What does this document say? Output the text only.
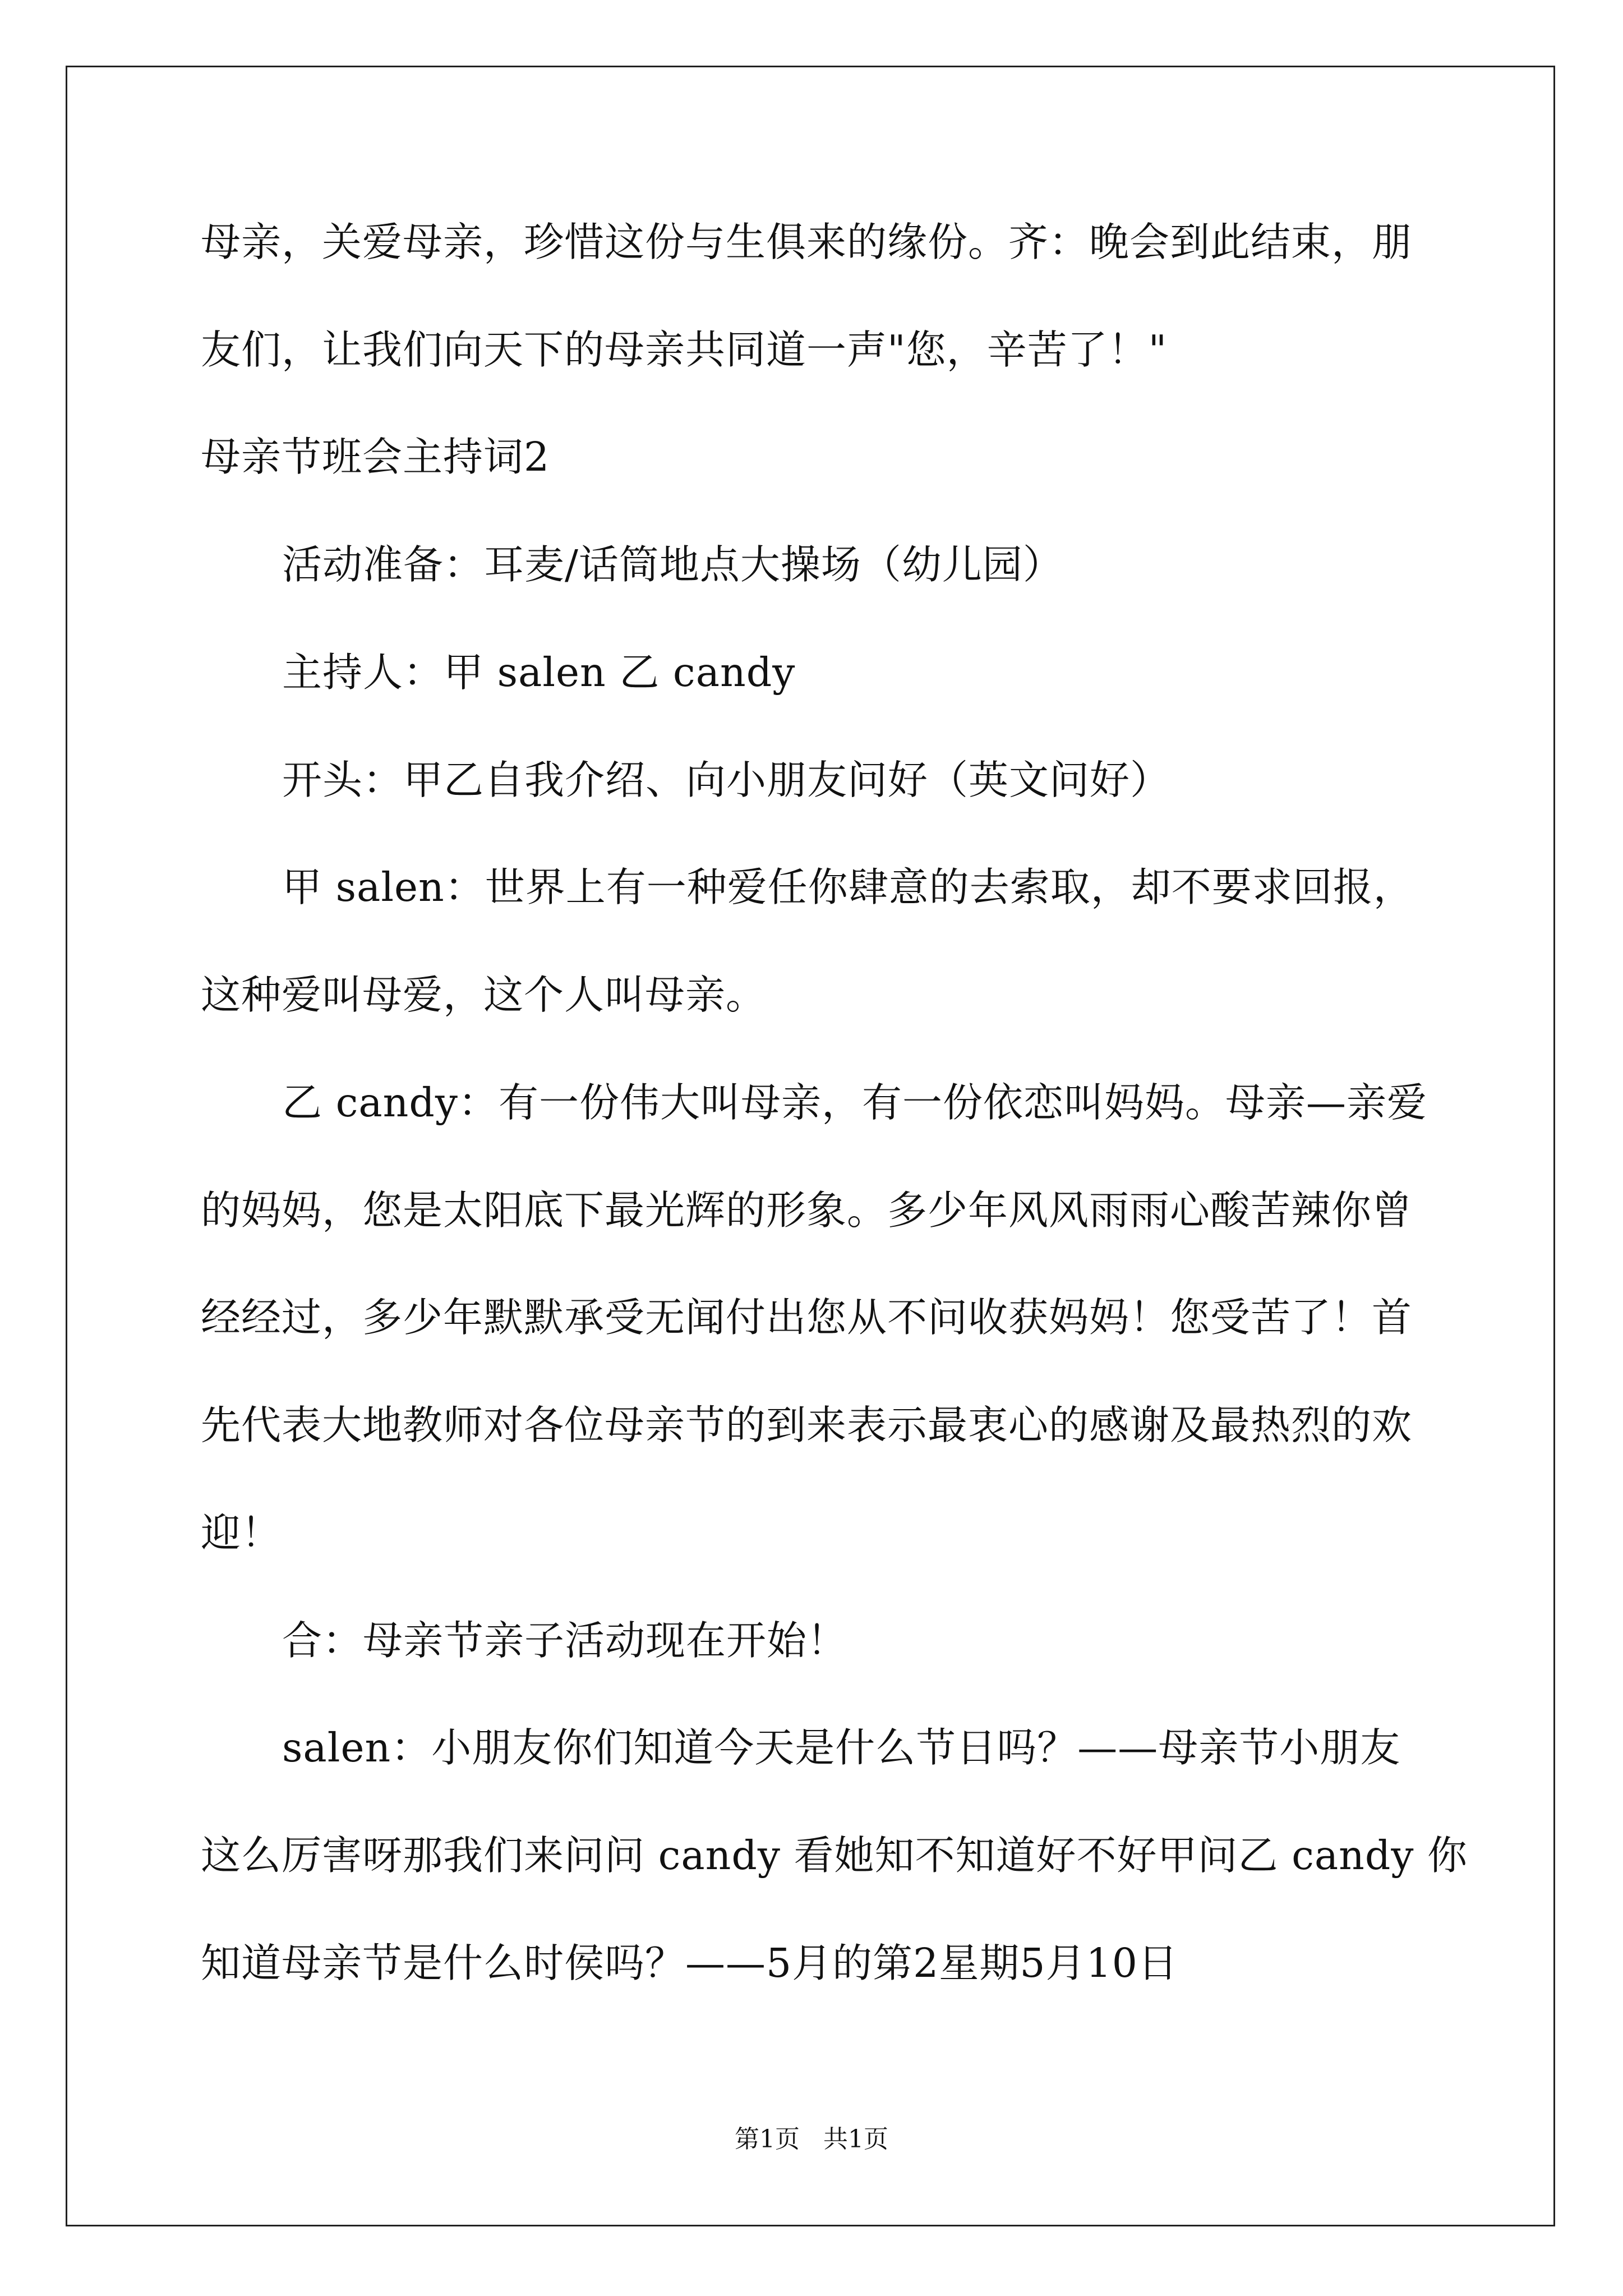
母亲，关爱母亲，珍惜这份与生俱来的缘份。齐：晚会到此结束，朋
友们，让我们向天下的母亲共同道一声"您，辛苦了！"
母亲节班会主持词2
活动准备：耳麦/话筒地点大操场（幼儿园）
主持人：甲 salen 乙 candy
开头：甲乙自我介绍、向小朋友问好（英文问好）
甲 salen：世界上有一种爱任你肆意的去索取，却不要求回报，
这种爱叫母爱，这个人叫母亲。
乙 candy：有一份伟大叫母亲，有一份依恋叫妈妈。母亲—亲爱
的妈妈，您是太阳底下最光辉的形象。多少年风风雨雨心酸苦辣你曾
经经过，多少年默默承受无闻付出您从不问收获妈妈！您受苦了！首
先代表大地教师对各位母亲节的到来表示最衷心的感谢及最热烈的欢
迎！
合：母亲节亲子活动现在开始！
salen：小朋友你们知道今天是什么节日吗？——母亲节小朋友
这么厉害呀那我们来问问 candy 看她知不知道好不好甲问乙 candy 你
知道母亲节是什么时侯吗？——5月的第2星期5月10日
第1页   共1页
